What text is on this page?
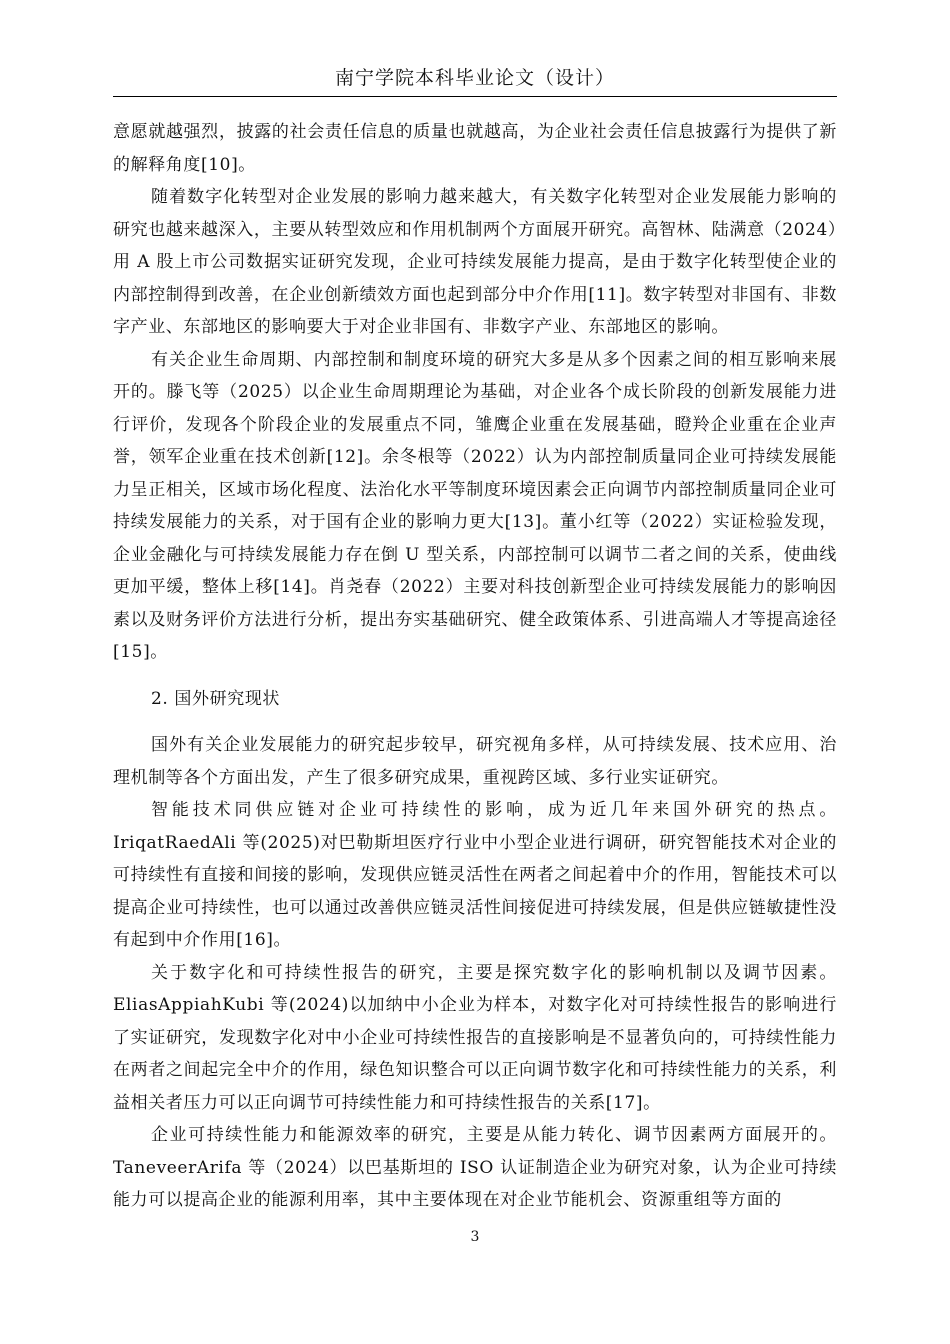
南宁学院本科毕业论文（设计）

意愿就越强烈，披露的社会责任信息的质量也就越高，为企业社会责任信息披露行为提供了新的解释角度[10]。

随着数字化转型对企业发展的影响力越来越大，有关数字化转型对企业发展能力影响的研究也越来越深入，主要从转型效应和作用机制两个方面展开研究。高智林、陆满意（2024）用 A 股上市公司数据实证研究发现，企业可持续发展能力提高，是由于数字化转型使企业的内部控制得到改善，在企业创新绩效方面也起到部分中介作用[11]。数字转型对非国有、非数字产业、东部地区的影响要大于对企业非国有、非数字产业、东部地区的影响。

有关企业生命周期、内部控制和制度环境的研究大多是从多个因素之间的相互影响来展开的。滕飞等（2025）以企业生命周期理论为基础，对企业各个成长阶段的创新发展能力进行评价，发现各个阶段企业的发展重点不同，雏鹰企业重在发展基础，瞪羚企业重在企业声誉，领军企业重在技术创新[12]。余冬根等（2022）认为内部控制质量同企业可持续发展能力呈正相关，区域市场化程度、法治化水平等制度环境因素会正向调节内部控制质量同企业可持续发展能力的关系，对于国有企业的影响力更大[13]。董小红等（2022）实证检验发现，企业金融化与可持续发展能力存在倒 U 型关系，内部控制可以调节二者之间的关系，使曲线更加平缓，整体上移[14]。肖尧春（2022）主要对科技创新型企业可持续发展能力的影响因素以及财务评价方法进行分析，提出夯实基础研究、健全政策体系、引进高端人才等提高途径[15]。

2. 国外研究现状

国外有关企业发展能力的研究起步较早，研究视角多样，从可持续发展、技术应用、治理机制等各个方面出发，产生了很多研究成果，重视跨区域、多行业实证研究。

智能技术同供应链对企业可持续性的影响，成为近几年来国外研究的热点。IriqatRaedAli 等(2025)对巴勒斯坦医疗行业中小型企业进行调研，研究智能技术对企业的可持续性有直接和间接的影响，发现供应链灵活性在两者之间起着中介的作用，智能技术可以提高企业可持续性，也可以通过改善供应链灵活性间接促进可持续发展，但是供应链敏捷性没有起到中介作用[16]。

关于数字化和可持续性报告的研究，主要是探究数字化的影响机制以及调节因素。EliasAppiahKubi 等(2024)以加纳中小企业为样本，对数字化对可持续性报告的影响进行了实证研究，发现数字化对中小企业可持续性报告的直接影响是不显著负向的，可持续性能力在两者之间起完全中介的作用，绿色知识整合可以正向调节数字化和可持续性能力的关系，利益相关者压力可以正向调节可持续性能力和可持续性报告的关系[17]。

企业可持续性能力和能源效率的研究，主要是从能力转化、调节因素两方面展开的。TaneveerArifa 等（2024）以巴基斯坦的 ISO 认证制造企业为研究对象，认为企业可持续能力可以提高企业的能源利用率，其中主要体现在对企业节能机会、资源重组等方面的

3
